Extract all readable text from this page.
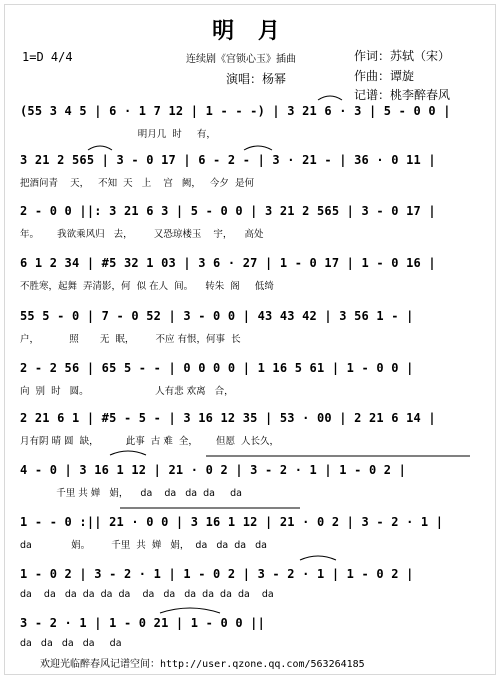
明 月
1=D 4/4	连续剧《宫锁心玉》插曲
演唱：杨幂
作词：苏轼（宋）
作曲：谭旋
记谱：桃李醉春风
(55 3 4 5 | 6 · 1 7 12 | 1 - - -) | 3 21 6 · 3 | 5 - 0 0 |
明月几  时     有，
3 21 2 565 | 3 - 0 17 | 6 - 2 - | 3 · 21 - | 36 · 0 11 |
把酒问青    天，   不知  天   上    宫   阙，   今夕  是何
2 - 0 0 ||: 3 21 6 3 | 5 - 0 0 | 3 21 2 565 | 3 - 0 17 |
年。      我欲乘风归   去，       又恐琼楼玉    宇，    高处
6 1 2 34 | #5 32 1 03 | 3 6 · 27 | 1 - 0 17 | 1 - 0 16 |
不胜寒，起舞  弄清影，何  似 在人  间。    转朱  阁     低绮
55 5 - 0 | 7 - 0 52 | 3 - 0 0 | 43 43 42 | 3 56 1 - |
户，          照       无  眠，       不应 有恨，何事  长
2 - 2 56 | 65 5 - - | 0 0 0 0 | 1 16 5 61 | 1 - 0 0 |
向  别  时   圆。                      人有悲 欢离   合，
2 21 6 1 | #5 - 5 - | 3 16 12 35 | 53 · 00 | 2 21 6 14 |
月有阴 晴 圆  缺，         此事  古 难  全，      但愿  人长久，
4 - 0 | 3 16 1 12 | 21 · 0 2 | 3 - 2 · 1 | 1 - 0 2 |
千里 共 婵   娟，    da    da   da  da     da
1 - - 0 :|| 21 · 0 0 | 3 16 1 12 | 21 · 0 2 | 3 - 2 · 1 |
da             娟。       千里  共  婵   娟，  da   da  da   da
1 - 0 2 | 3 - 2 · 1 | 1 - 0 2 | 3 - 2 · 1 | 1 - 0 2 |
da    da   da  da  da  da    da   da   da  da  da  da    da
3 - 2 · 1 | 1 - 0 21 | 1 - 0 0 ||
da   da   da   da     da
欢迎光临醉春风记谱空间：http://user.qzone.qq.com/563264185
